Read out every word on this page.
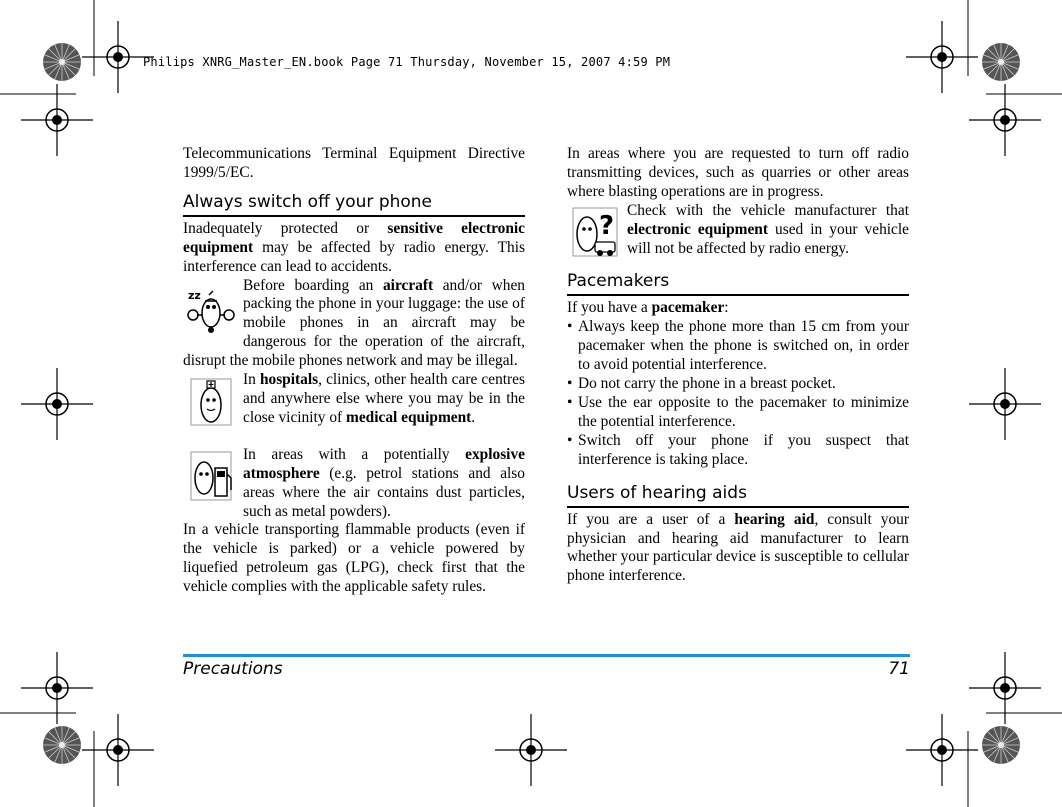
Philips XNRG_Master_EN.book Page 71 Thursday, November 15, 2007 4:59 PM

Telecommunications Terminal Equipment Directive 1999/5/EC.

Always switch off your phone

Inadequately protected or sensitive electronic equipment may be affected by radio energy. This interference can lead to accidents.

zz
Before boarding an aircraft and/or when packing the phone in your luggage: the use of mobile phones in an aircraft may be dangerous for the operation of the aircraft, disrupt the mobile phones network and may be illegal.

In hospitals, clinics, other health care centres and anywhere else where you may be in the close vicinity of medical equipment.

In areas with a potentially explosive atmosphere (e.g. petrol stations and also areas where the air contains dust particles, such as metal powders).

In a vehicle transporting flammable products (even if the vehicle is parked) or a vehicle powered by liquefied petroleum gas (LPG), check first that the vehicle complies with the applicable safety rules.

In areas where you are requested to turn off radio transmitting devices, such as quarries or other areas where blasting operations are in progress.

?
Check with the vehicle manufacturer that electronic equipment used in your vehicle will not be affected by radio energy.

Pacemakers

If you have a pacemaker:

• Always keep the phone more than 15 cm from your pacemaker when the phone is switched on, in order to avoid potential interference.
• Do not carry the phone in a breast pocket.
• Use the ear opposite to the pacemaker to minimize the potential interference.
• Switch off your phone if you suspect that interference is taking place.
Users of hearing aids

If you are a user of a hearing aid, consult your physician and hearing aid manufacturer to learn whether your particular device is susceptible to cellular phone interference.

Precautions	71
